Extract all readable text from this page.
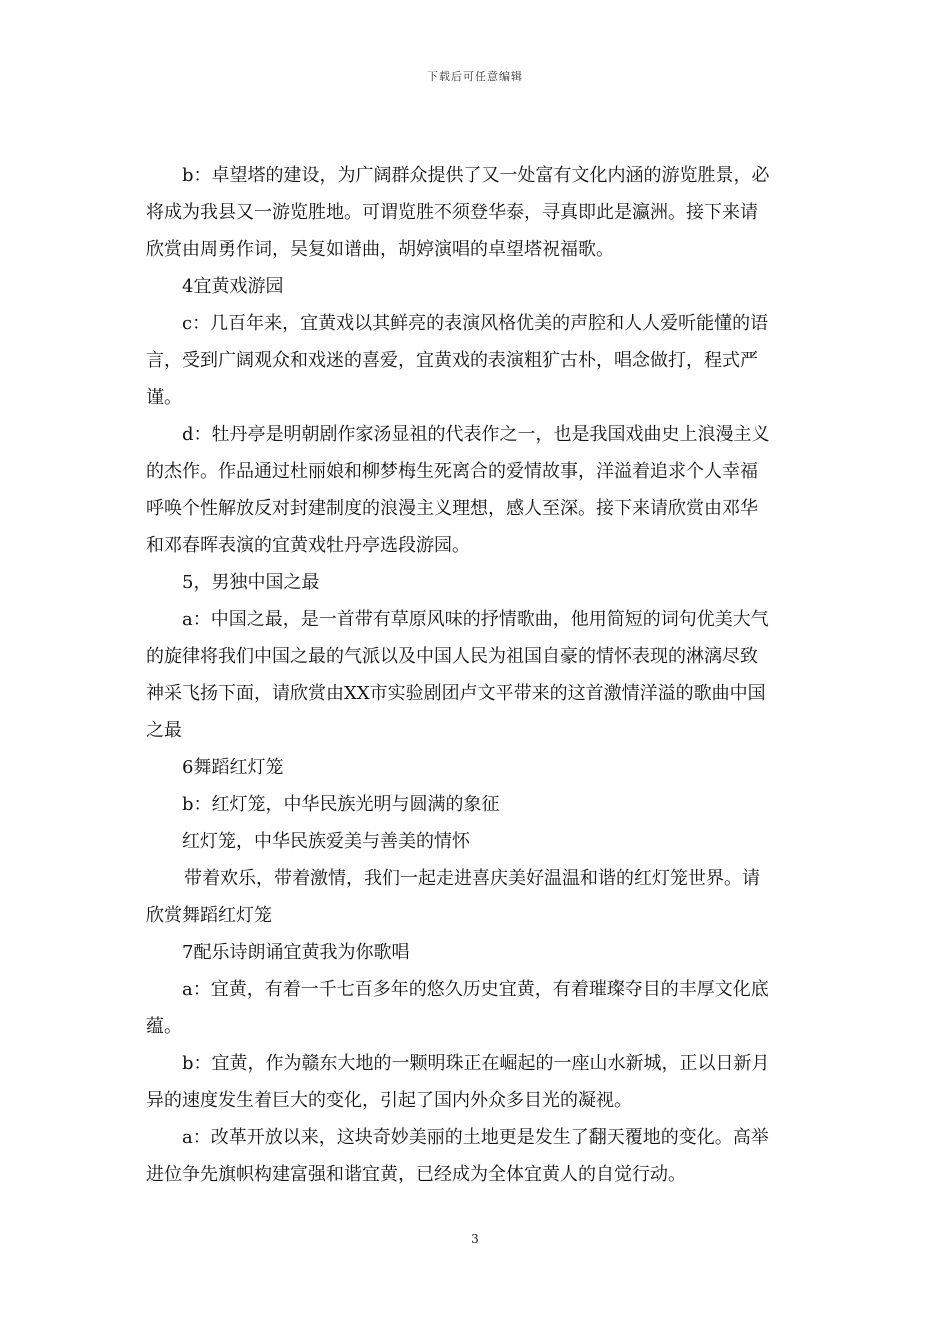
下载后可任意编辑
b：卓望塔的建设，为广阔群众提供了又一处富有文化内涵的游览胜景，必
将成为我县又一游览胜地。可谓览胜不须登华泰，寻真即此是瀛洲。接下来请
欣赏由周勇作词，吴复如谱曲，胡婷演唱的卓望塔祝福歌。
4宜黄戏游园
c：几百年来，宜黄戏以其鲜亮的表演风格优美的声腔和人人爱听能懂的语
言，受到广阔观众和戏迷的喜爱，宜黄戏的表演粗犷古朴，唱念做打，程式严
谨。
d：牡丹亭是明朝剧作家汤显祖的代表作之一，也是我国戏曲史上浪漫主义
的杰作。作品通过杜丽娘和柳梦梅生死离合的爱情故事，洋溢着追求个人幸福
呼唤个性解放反对封建制度的浪漫主义理想，感人至深。接下来请欣赏由邓华
和邓春晖表演的宜黄戏牡丹亭选段游园。
5，男独中国之最
a：中国之最，是一首带有草原风味的抒情歌曲，他用简短的词句优美大气
的旋律将我们中国之最的气派以及中国人民为祖国自豪的情怀表现的淋漓尽致
神采飞扬下面，请欣赏由XX市实验剧团卢文平带来的这首激情洋溢的歌曲中国
之最
6舞蹈红灯笼
b：红灯笼，中华民族光明与圆满的象征
红灯笼，中华民族爱美与善美的情怀
带着欢乐，带着激情，我们一起走进喜庆美好温温和谐的红灯笼世界。请
欣赏舞蹈红灯笼
7配乐诗朗诵宜黄我为你歌唱
a：宜黄，有着一千七百多年的悠久历史宜黄，有着璀璨夺目的丰厚文化底
蕴。
b：宜黄，作为赣东大地的一颗明珠正在崛起的一座山水新城，正以日新月
异的速度发生着巨大的变化，引起了国内外众多目光的凝视。
a：改革开放以来，这块奇妙美丽的土地更是发生了翻天覆地的变化。高举
进位争先旗帜构建富强和谐宜黄，已经成为全体宜黄人的自觉行动。
3
